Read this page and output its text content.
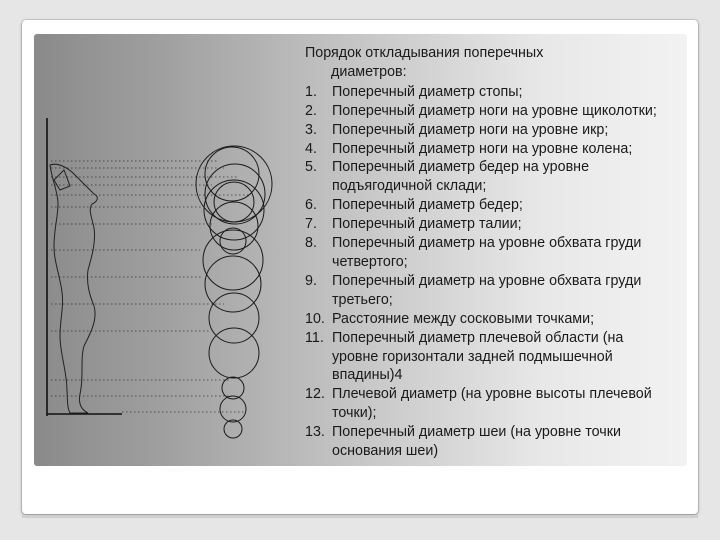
Порядок откладывания поперечных
диаметров:

1. Поперечный диаметр стопы;
2. Поперечный диаметр ноги на уровне щиколотки;
3. Поперечный диаметр ноги на уровне икр;
4. Поперечный диаметр ноги на уровне колена;
5. Поперечный диаметр бедер на уровне
подъягодичной склади;
6. Поперечный диаметр бедер;
7. Поперечный диаметр талии;
8. Поперечный диаметр на уровне обхвата груди
четвертого;
9. Поперечный диаметр на уровне обхвата груди
третьего;
10. Расстояние между сосковыми точками;
11. Поперечный диаметр плечевой области (на
уровне горизонтали задней подмышечной
впадины)4
12. Плечевой диаметр (на уровне высоты плечевой
точки);
13. Поперечный диаметр шеи (на уровне точки
основания шеи)
